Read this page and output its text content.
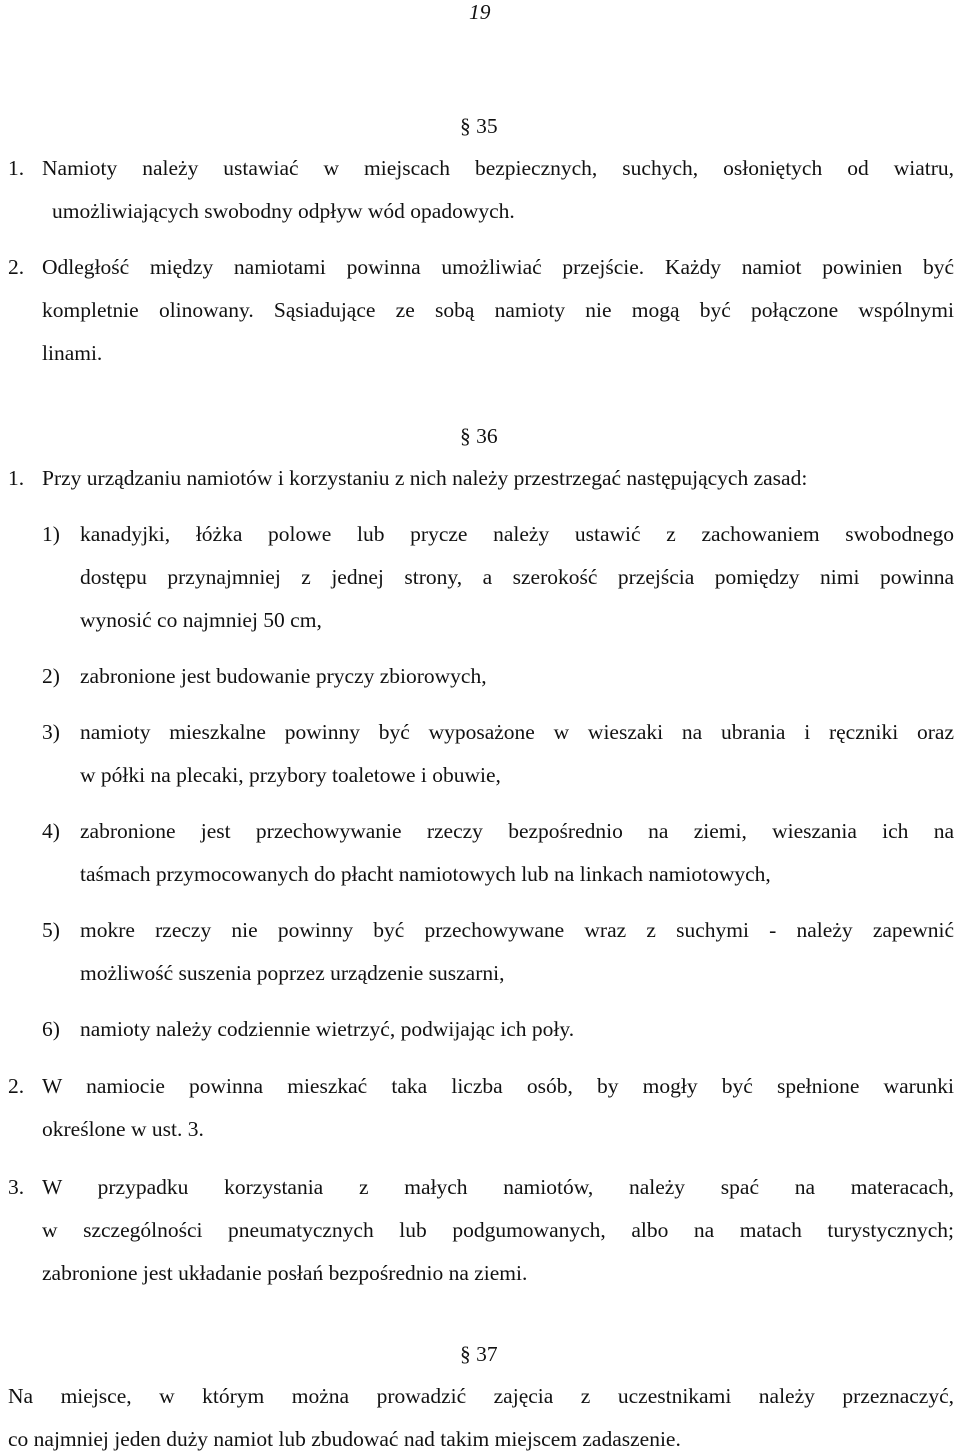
19
§ 35
1. Namioty należy ustawiać w miejscach bezpiecznych, suchych, osłoniętych od wiatru,
umożliwiających swobodny odpływ wód opadowych.
2. Odległość między namiotami powinna umożliwiać przejście. Każdy namiot powinien być
kompletnie olinowany. Sąsiadujące ze sobą namioty nie mogą być połączone wspólnymi
linami.
§ 36
1. Przy urządzaniu namiotów i korzystaniu z nich należy przestrzegać następujących zasad:
1) kanadyjki, łóżka polowe lub prycze należy ustawić z zachowaniem swobodnego
dostępu przynajmniej z jednej strony, a szerokość przejścia pomiędzy nimi powinna
wynosić co najmniej 50 cm,
2) zabronione jest budowanie pryczy zbiorowych,
3) namioty mieszkalne powinny być wyposażone w wieszaki na ubrania i ręczniki oraz
w półki na plecaki, przybory toaletowe i obuwie,
4) zabronione jest przechowywanie rzeczy bezpośrednio na ziemi, wieszania ich na
taśmach przymocowanych do płacht namiotowych lub na linkach namiotowych,
5) mokre rzeczy nie powinny być przechowywane wraz z suchymi - należy zapewnić
możliwość suszenia poprzez urządzenie suszarni,
6) namioty należy codziennie wietrzyć, podwijając ich poły.
2. W namiocie powinna mieszkać taka liczba osób, by mogły być spełnione warunki
określone w ust. 3.
3. W przypadku korzystania z małych namiotów, należy spać na materacach,
w szczególności pneumatycznych lub podgumowanych, albo na matach turystycznych;
zabronione jest układanie posłań bezpośrednio na ziemi.
§ 37
Na miejsce, w którym można prowadzić zajęcia z uczestnikami należy przeznaczyć,
co najmniej jeden duży namiot lub zbudować nad takim miejscem zadaszenie.
